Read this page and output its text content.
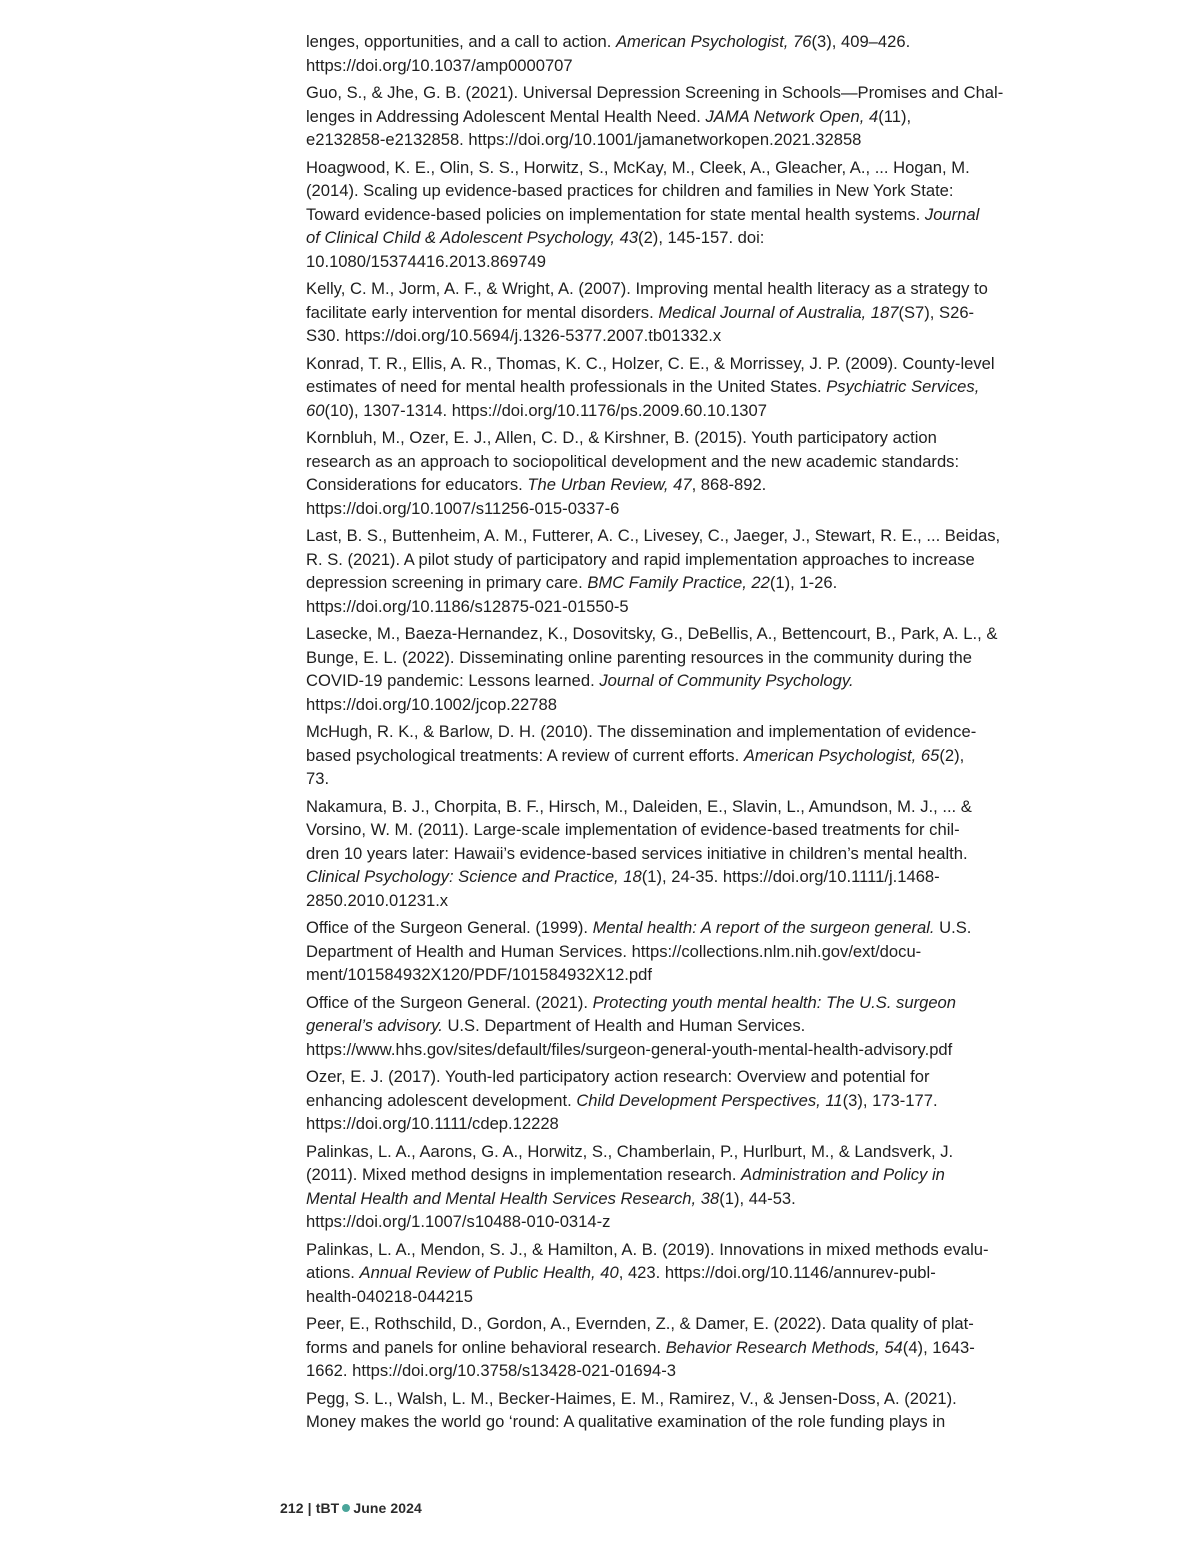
lenges, opportunities, and a call to action. American Psychologist, 76(3), 409–426.
https://doi.org/10.1037/amp0000707
Guo, S., & Jhe, G. B. (2021). Universal Depression Screening in Schools—Promises and Chal-
lenges in Addressing Adolescent Mental Health Need. JAMA Network Open, 4(11),
e2132858-e2132858. https://doi.org/10.1001/jamanetworkopen.2021.32858
Hoagwood, K. E., Olin, S. S., Horwitz, S., McKay, M., Cleek, A., Gleacher, A., ... Hogan, M.
(2014). Scaling up evidence-based practices for children and families in New York State:
Toward evidence-based policies on implementation for state mental health systems. Journal
of Clinical Child & Adolescent Psychology, 43(2), 145-157. doi:
10.1080/15374416.2013.869749
Kelly, C. M., Jorm, A. F., & Wright, A. (2007). Improving mental health literacy as a strategy to
facilitate early intervention for mental disorders. Medical Journal of Australia, 187(S7), S26-
S30. https://doi.org/10.5694/j.1326-5377.2007.tb01332.x
Konrad, T. R., Ellis, A. R., Thomas, K. C., Holzer, C. E., & Morrissey, J. P. (2009). County-level
estimates of need for mental health professionals in the United States. Psychiatric Services,
60(10), 1307-1314. https://doi.org/10.1176/ps.2009.60.10.1307
Kornbluh, M., Ozer, E. J., Allen, C. D., & Kirshner, B. (2015). Youth participatory action
research as an approach to sociopolitical development and the new academic standards:
Considerations for educators. The Urban Review, 47, 868-892.
https://doi.org/10.1007/s11256-015-0337-6
Last, B. S., Buttenheim, A. M., Futterer, A. C., Livesey, C., Jaeger, J., Stewart, R. E., ... Beidas,
R. S. (2021). A pilot study of participatory and rapid implementation approaches to increase
depression screening in primary care. BMC Family Practice, 22(1), 1-26.
https://doi.org/10.1186/s12875-021-01550-5
Lasecke, M., Baeza-Hernandez, K., Dosovitsky, G., DeBellis, A., Bettencourt, B., Park, A. L., &
Bunge, E. L. (2022). Disseminating online parenting resources in the community during the
COVID-19 pandemic: Lessons learned. Journal of Community Psychology.
https://doi.org/10.1002/jcop.22788
McHugh, R. K., & Barlow, D. H. (2010). The dissemination and implementation of evidence-
based psychological treatments: A review of current efforts. American Psychologist, 65(2),
73.
Nakamura, B. J., Chorpita, B. F., Hirsch, M., Daleiden, E., Slavin, L., Amundson, M. J., ... &
Vorsino, W. M. (2011). Large-scale implementation of evidence-based treatments for chil-
dren 10 years later: Hawaii’s evidence-based services initiative in children’s mental health.
Clinical Psychology: Science and Practice, 18(1), 24-35. https://doi.org/10.1111/j.1468-
2850.2010.01231.x
Office of the Surgeon General. (1999). Mental health: A report of the surgeon general. U.S.
Department of Health and Human Services. https://collections.nlm.nih.gov/ext/docu-
ment/101584932X120/PDF/101584932X12.pdf
Office of the Surgeon General. (2021). Protecting youth mental health: The U.S. surgeon
general’s advisory. U.S. Department of Health and Human Services.
https://www.hhs.gov/sites/default/files/surgeon-general-youth-mental-health-advisory.pdf
Ozer, E. J. (2017). Youth-led participatory action research: Overview and potential for
enhancing adolescent development. Child Development Perspectives, 11(3), 173-177.
https://doi.org/10.1111/cdep.12228
Palinkas, L. A., Aarons, G. A., Horwitz, S., Chamberlain, P., Hurlburt, M., & Landsverk, J.
(2011). Mixed method designs in implementation research. Administration and Policy in
Mental Health and Mental Health Services Research, 38(1), 44-53.
https://doi.org/1.1007/s10488-010-0314-z
Palinkas, L. A., Mendon, S. J., & Hamilton, A. B. (2019). Innovations in mixed methods evalu-
ations. Annual Review of Public Health, 40, 423. https://doi.org/10.1146/annurev-publ-
health-040218-044215
Peer, E., Rothschild, D., Gordon, A., Evernden, Z., & Damer, E. (2022). Data quality of plat-
forms and panels for online behavioral research. Behavior Research Methods, 54(4), 1643-
1662. https://doi.org/10.3758/s13428-021-01694-3
Pegg, S. L., Walsh, L. M., Becker-Haimes, E. M., Ramirez, V., & Jensen-Doss, A. (2021).
Money makes the world go ‘round: A qualitative examination of the role funding plays in
212 | tBT June 2024
